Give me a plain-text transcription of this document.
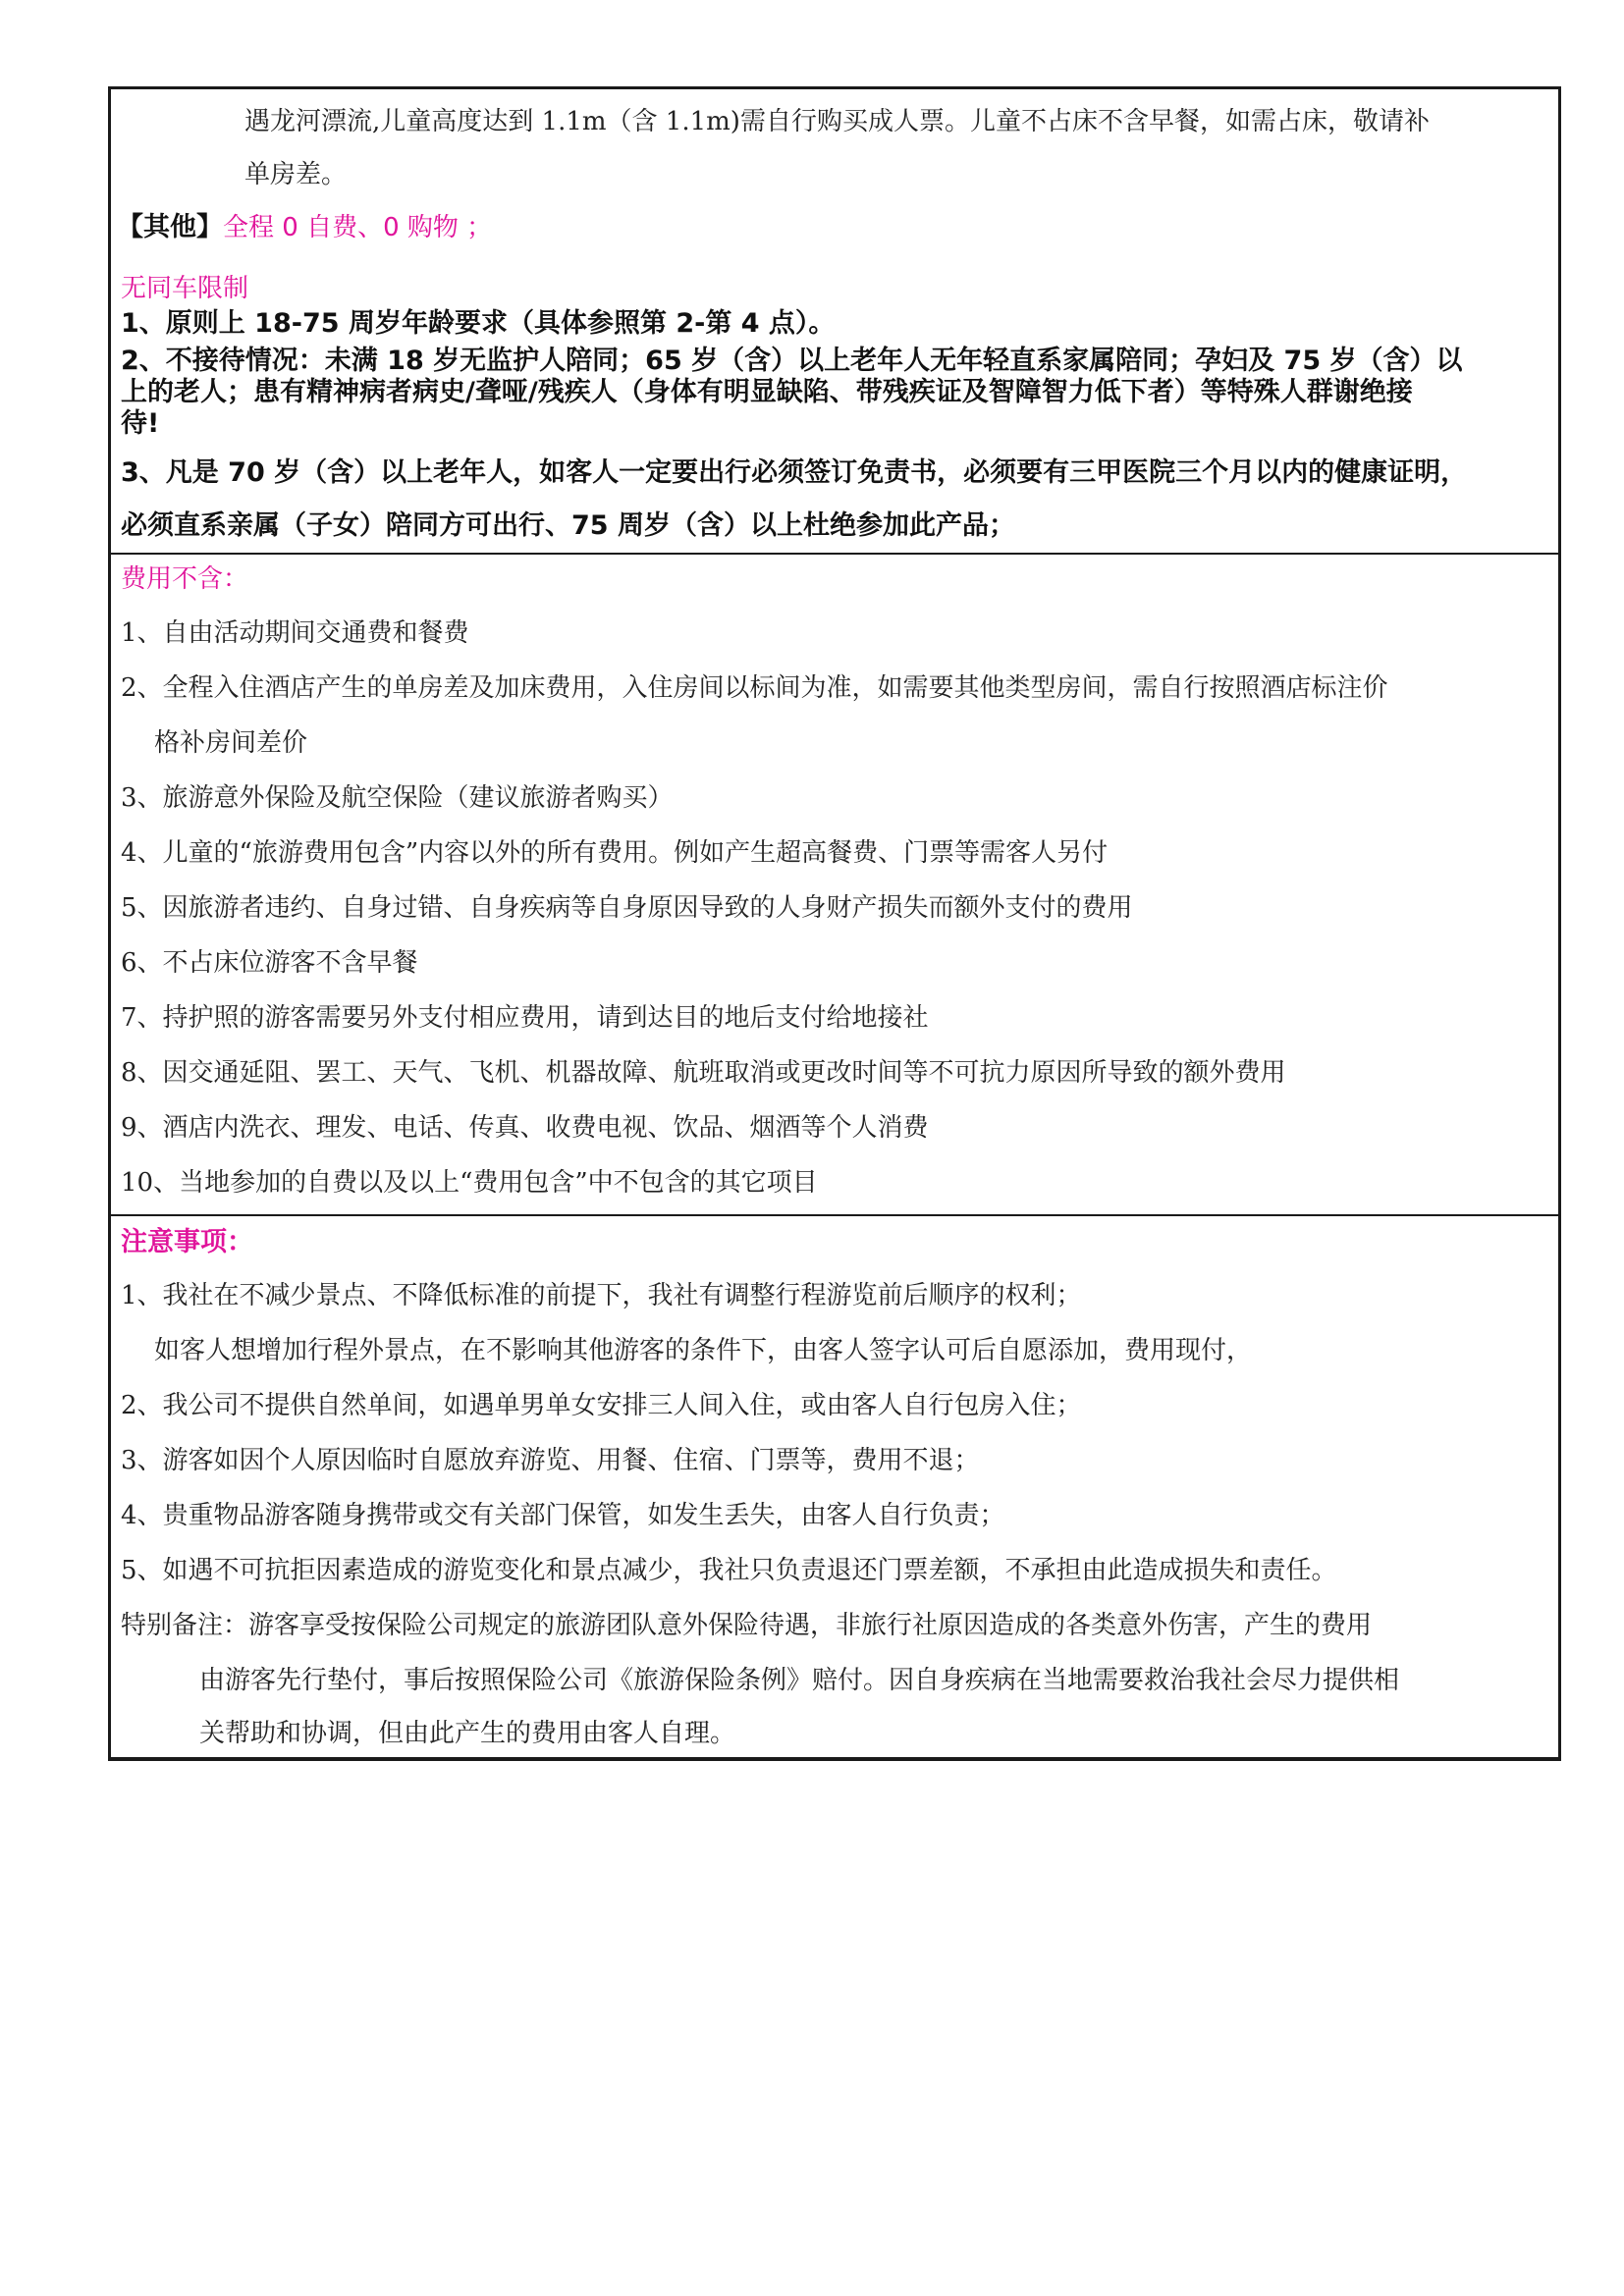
遇龙河漂流,儿童高度达到 1.1m（含 1.1m)需自行购买成人票。儿童不占床不含早餐，如需占床，敬请补
单房差。
【其他】全程 0 自费、0 购物 ；
无同车限制
1、原则上 18-75 周岁年龄要求（具体参照第 2-第 4 点）。
2、不接待情况：未满 18 岁无监护人陪同；65 岁（含）以上老年人无年轻直系家属陪同；孕妇及 75 岁（含）以
上的老人；患有精神病者病史/聋哑/残疾人（身体有明显缺陷、带残疾证及智障智力低下者）等特殊人群谢绝接
待!
3、凡是 70 岁（含）以上老年人，如客人一定要出行必须签订免责书，必须要有三甲医院三个月以内的健康证明，
必须直系亲属（子女）陪同方可出行、75 周岁（含）以上杜绝参加此产品；
费用不含：
1、自由活动期间交通费和餐费
2、全程入住酒店产生的单房差及加床费用，入住房间以标间为准，如需要其他类型房间，需自行按照酒店标注价
格补房间差价
3、旅游意外保险及航空保险（建议旅游者购买）
4、儿童的“旅游费用包含”内容以外的所有费用。例如产生超高餐费、门票等需客人另付
5、因旅游者违约、自身过错、自身疾病等自身原因导致的人身财产损失而额外支付的费用
6、不占床位游客不含早餐
7、持护照的游客需要另外支付相应费用，请到达目的地后支付给地接社
8、因交通延阻、罢工、天气、飞机、机器故障、航班取消或更改时间等不可抗力原因所导致的额外费用
9、酒店内洗衣、理发、电话、传真、收费电视、饮品、烟酒等个人消费
10、当地参加的自费以及以上“费用包含”中不包含的其它项目
注意事项：
1、我社在不减少景点、不降低标准的前提下，我社有调整行程游览前后顺序的权利；
如客人想增加行程外景点，在不影响其他游客的条件下，由客人签字认可后自愿添加，费用现付，
2、我公司不提供自然单间，如遇单男单女安排三人间入住，或由客人自行包房入住；
3、游客如因个人原因临时自愿放弃游览、用餐、住宿、门票等，费用不退；
4、贵重物品游客随身携带或交有关部门保管，如发生丢失，由客人自行负责；
5、如遇不可抗拒因素造成的游览变化和景点减少，我社只负责退还门票差额，不承担由此造成损失和责任。
特别备注：游客享受按保险公司规定的旅游团队意外保险待遇，非旅行社原因造成的各类意外伤害，产生的费用
由游客先行垫付，事后按照保险公司《旅游保险条例》赔付。因自身疾病在当地需要救治我社会尽力提供相
关帮助和协调，但由此产生的费用由客人自理。
